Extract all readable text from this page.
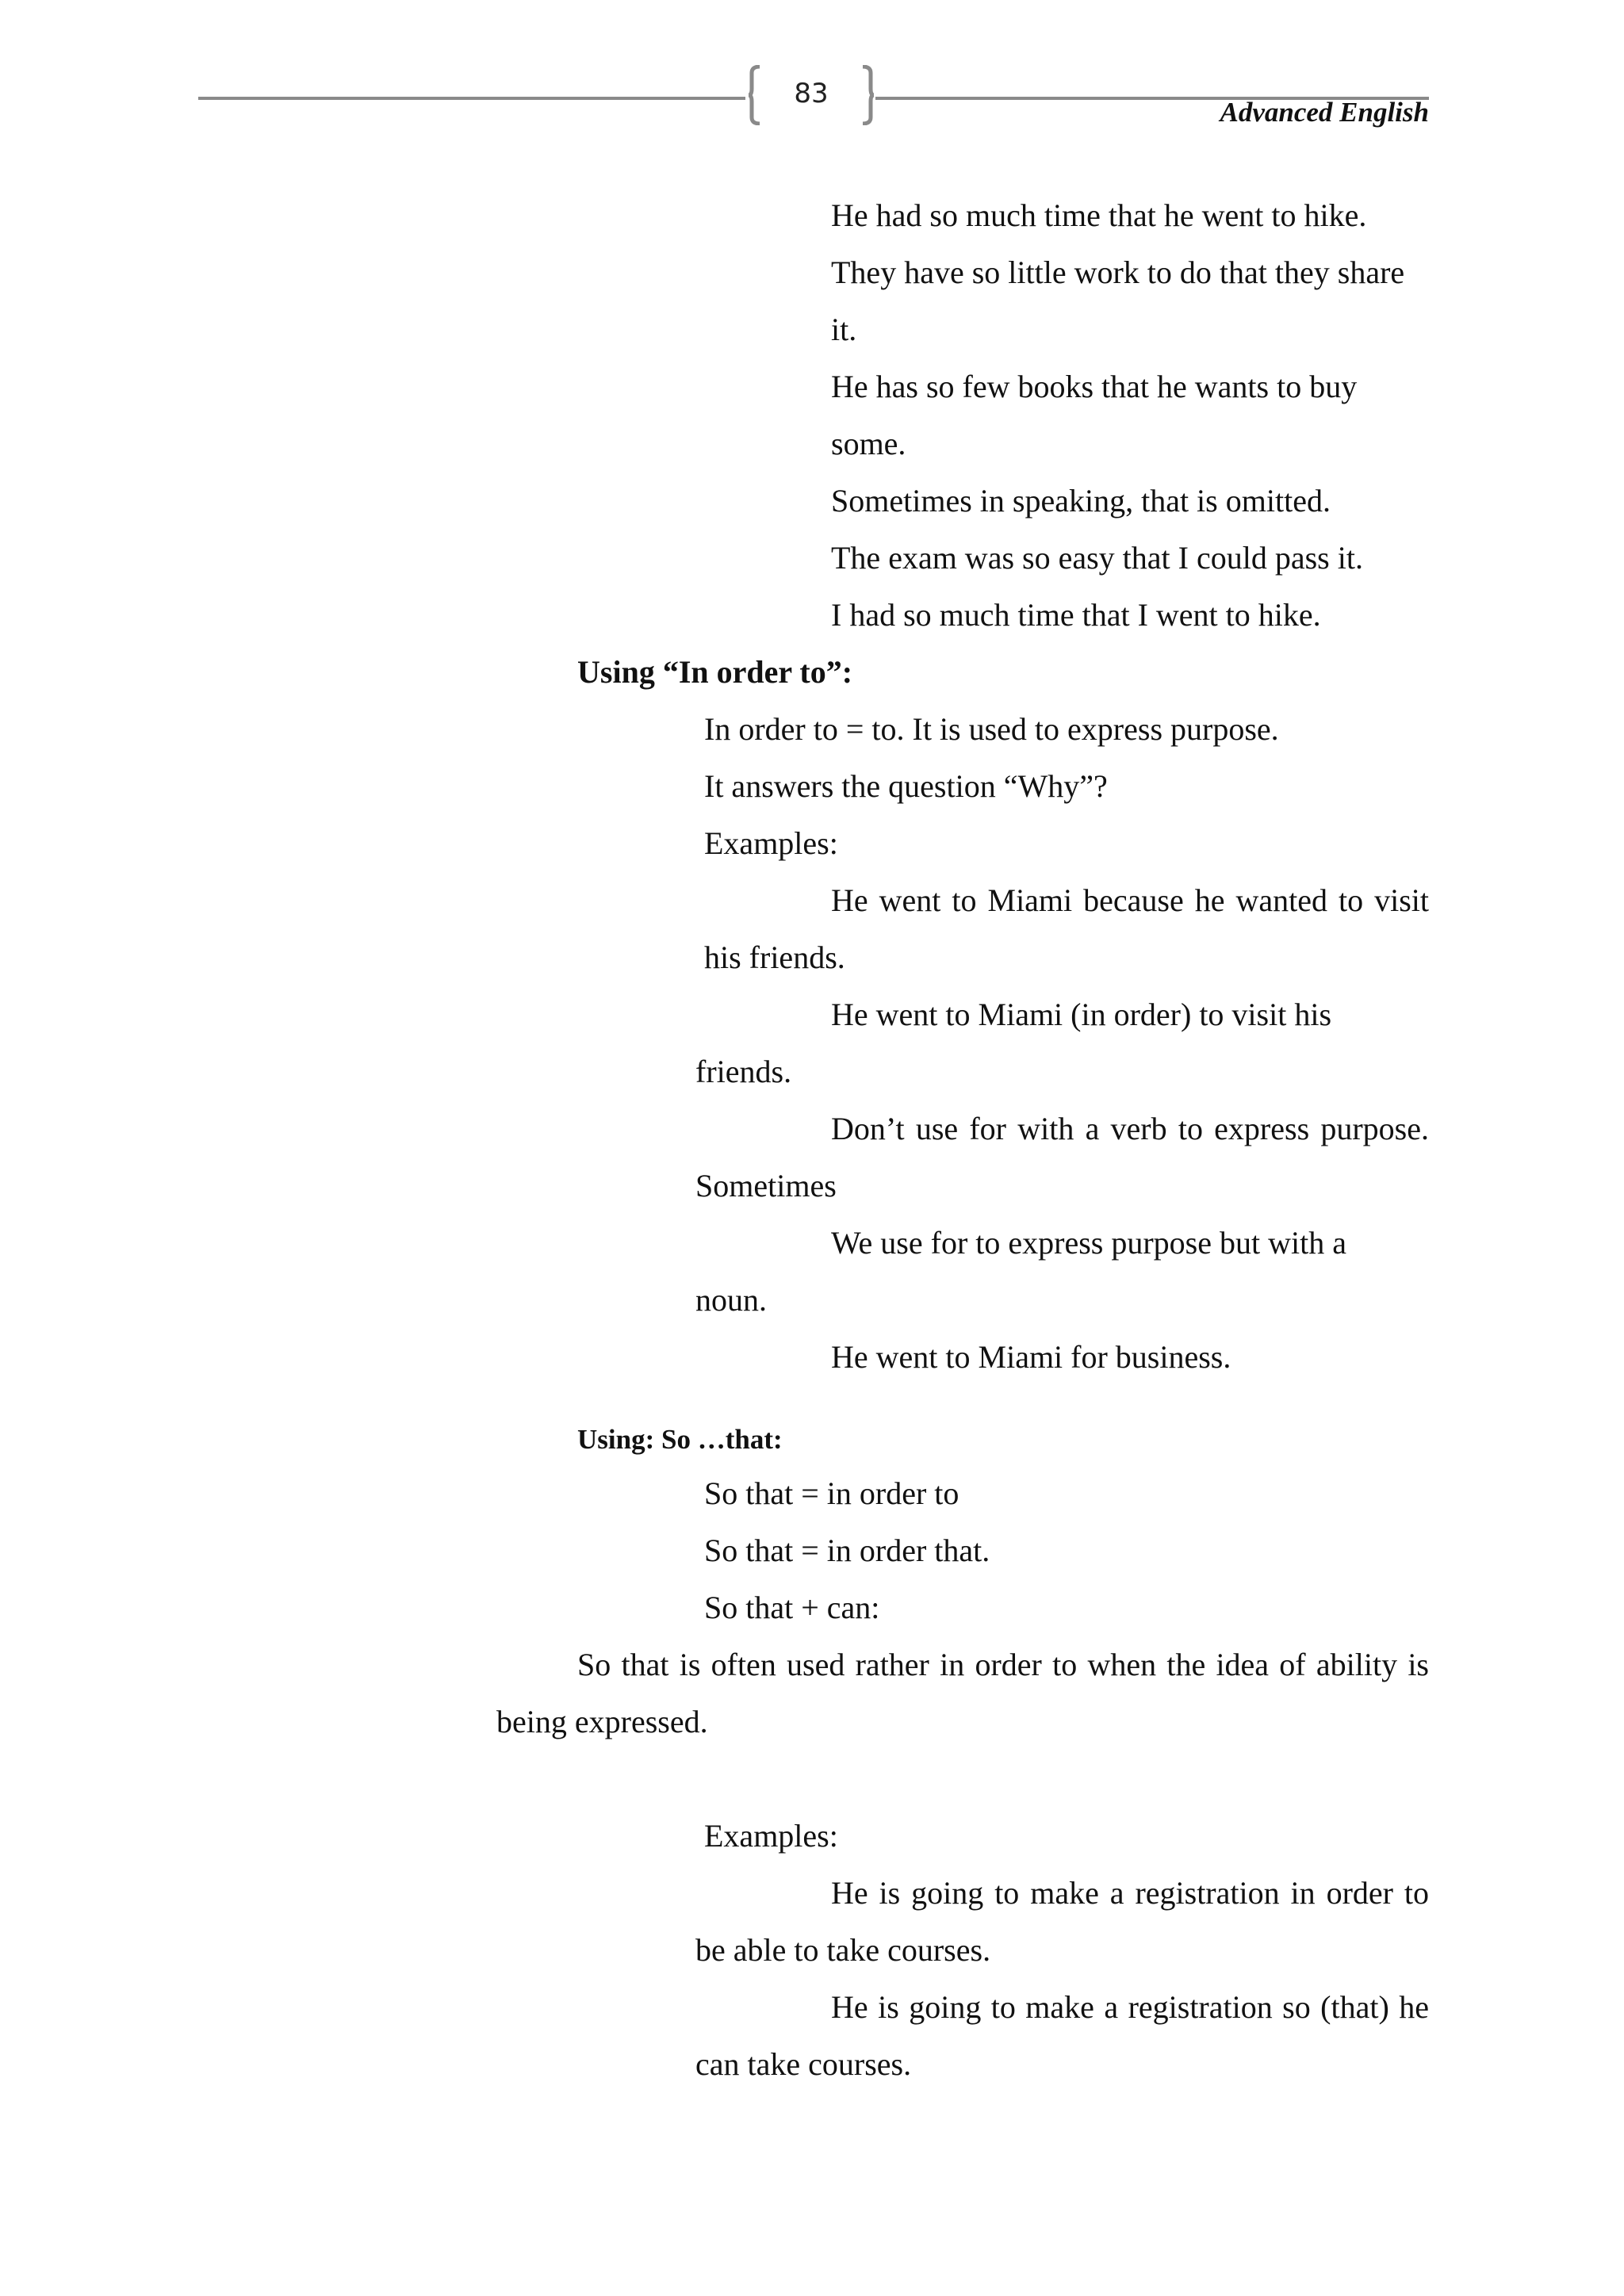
83
Advanced English
He had so much time that he went to hike.
They have so little work to do that they share
it.
He has so few books that he wants to buy
some.
Sometimes in speaking, that is omitted.
The exam was so easy that I could pass it.
I had so much time that I went to hike.
Using “In order to”:
In order to = to. It is used to express purpose.
It answers the question “Why”?
Examples:
He went to Miami because he wanted to visit
his friends.
He went to Miami (in order) to visit his
friends.
Don’t use for with a verb to express purpose.
Sometimes
We use for to express purpose but with a
noun.
He went to Miami for business.
Using: So …that:
So that = in order to
So that = in order that.
So that + can:
So that is often used rather in order to when the idea of ability is
being expressed.
Examples:
He is going to make a registration in order to
be able to take courses.
He is going to make a registration so (that) he
can take courses.
